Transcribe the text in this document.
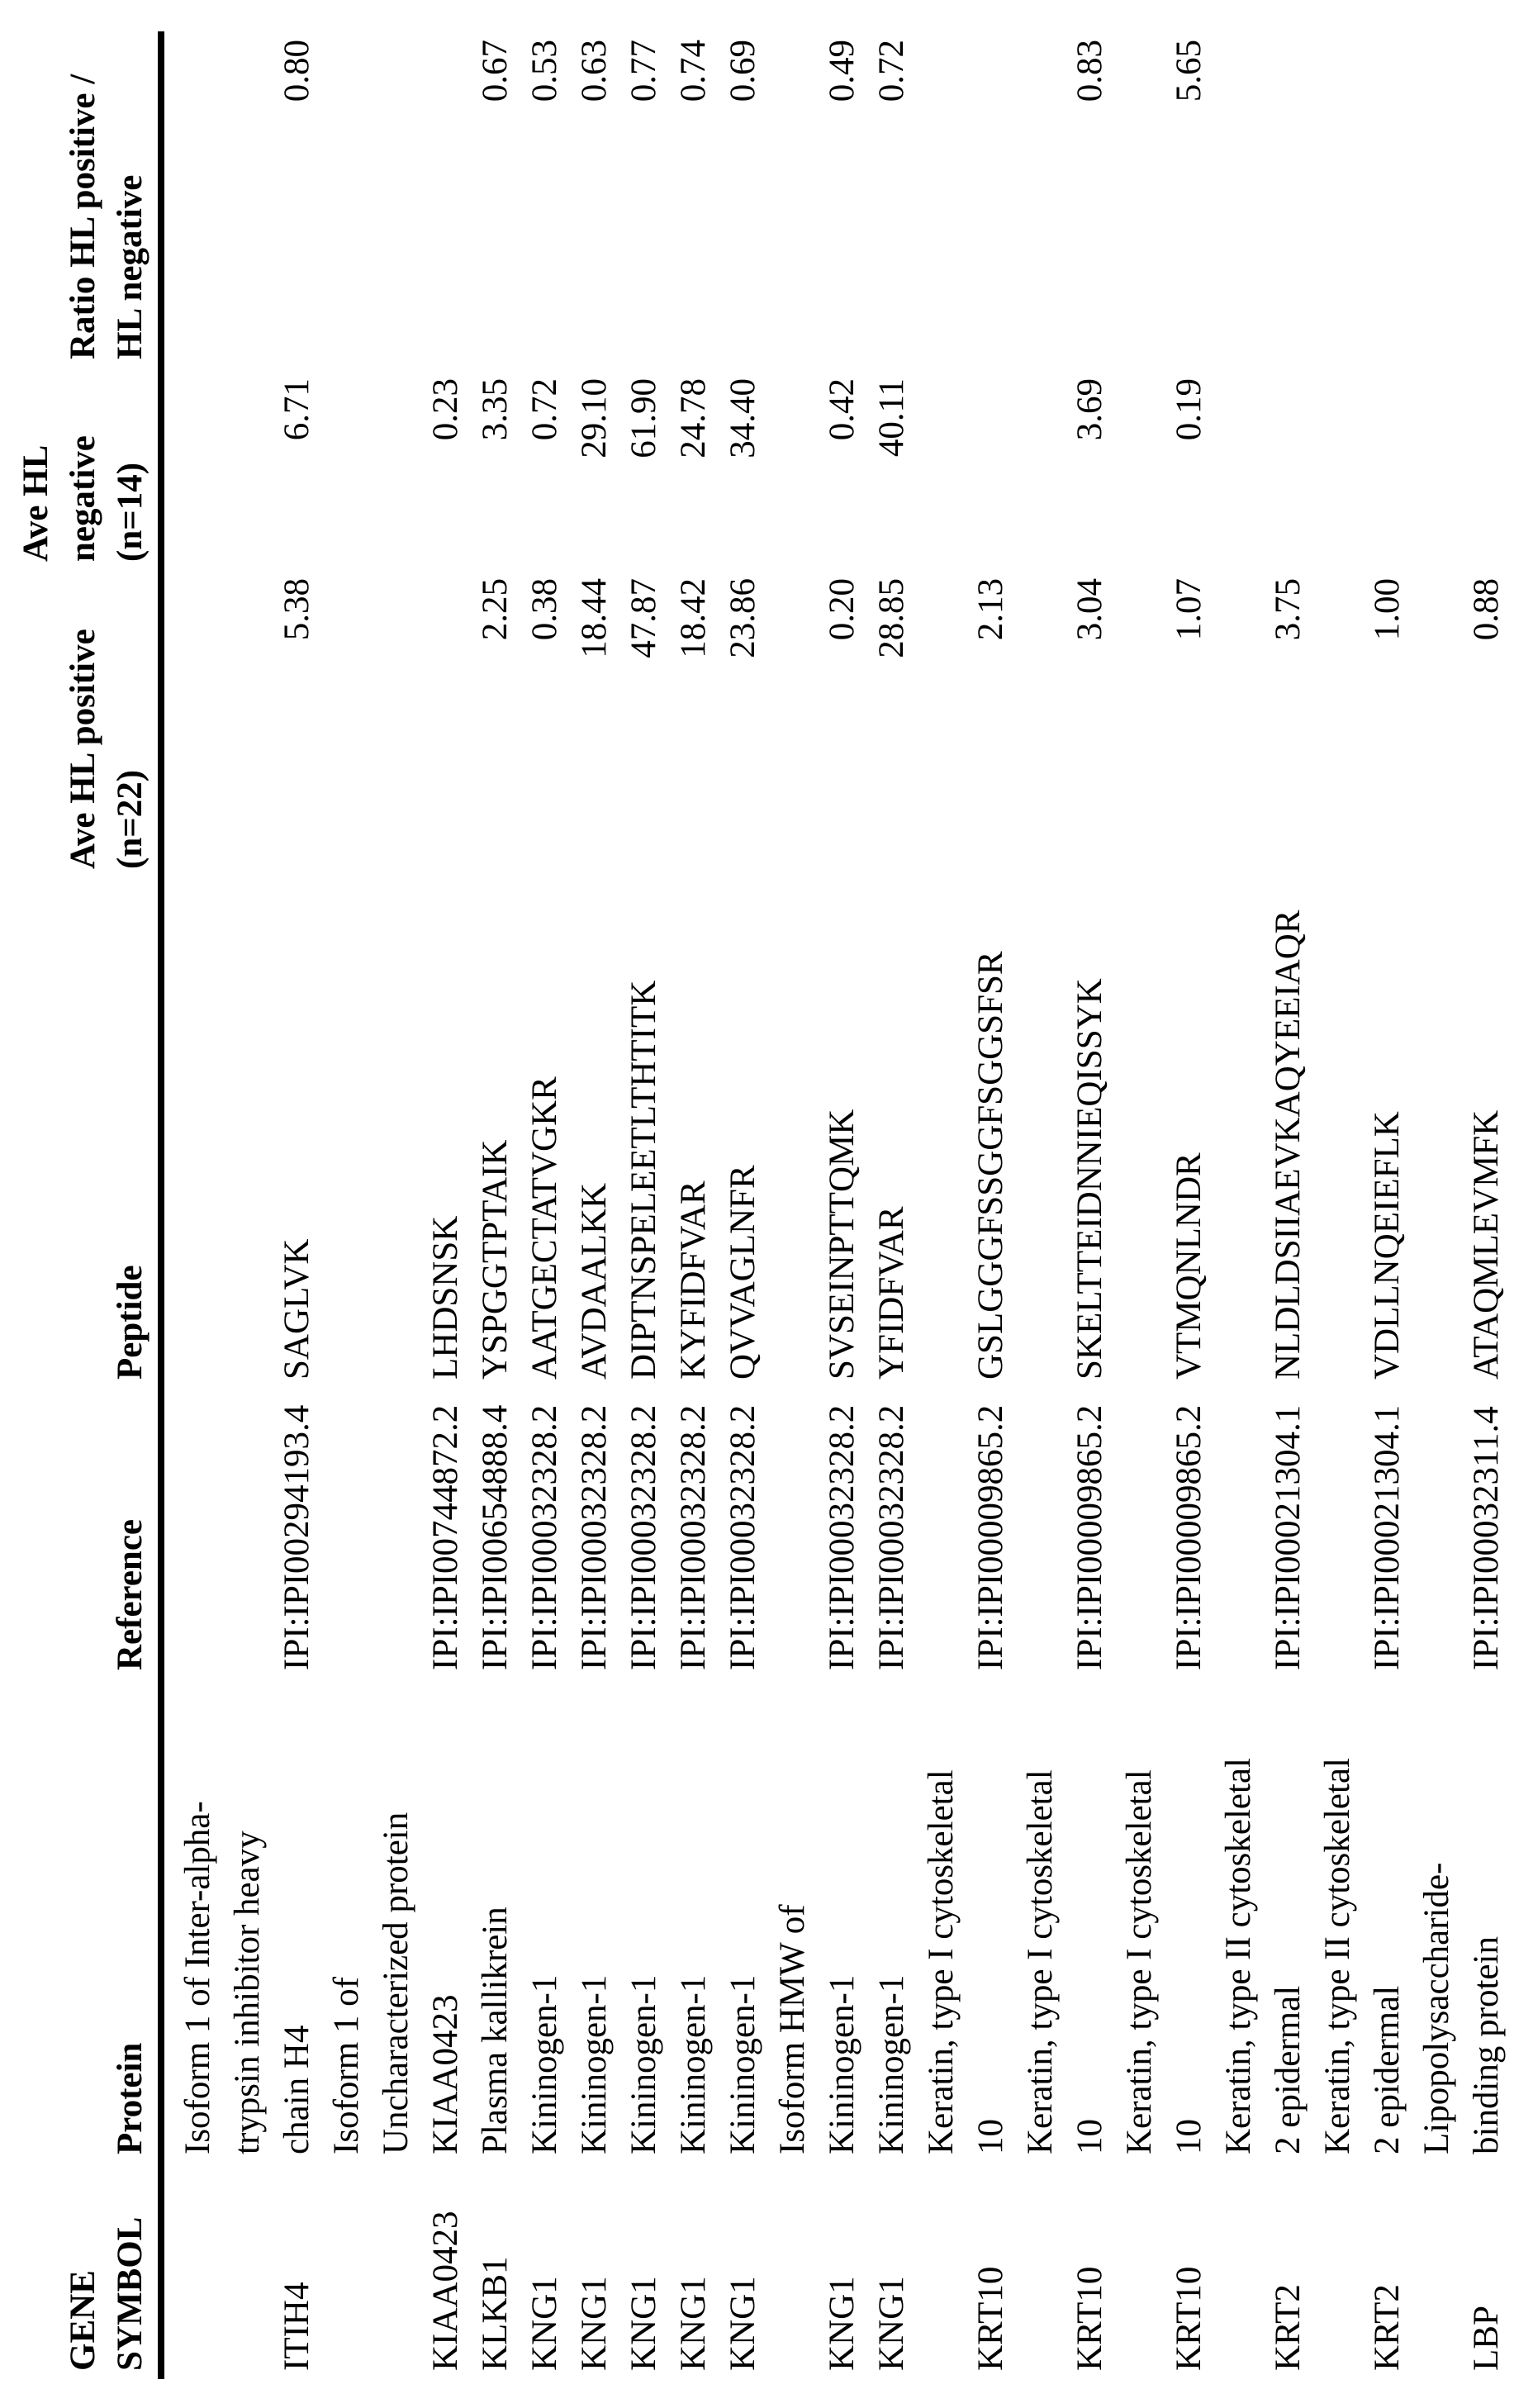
GENE SYMBOL
Protein
Reference
Peptide
Ave HL positive (n=22)
Ave HL negative (n=14)
Ratio HL positive / HL negative
ITIH4
Isoform 1 of Inter-alpha- trypsin inhibitor heavy chain H4
IPI:IPI00294193.4
SAGLVK
5.38
6.71
0.80
KIAA0423
Isoform 1 of Uncharacterized protein KIAA0423
IPI:IPI00744872.2
LHDSNSK
0.23
KLKB1
Plasma kallikrein
IPI:IPI00654888.4
YSPGGTPTAIK
2.25
3.35
0.67
KNG1
Kininogen-1
IPI:IPI00032328.2
AATGECTATVGKR
0.38
0.72
0.53
KNG1
Kininogen-1
IPI:IPI00032328.2
AVDAALKK
18.44
29.10
0.63
KNG1
Kininogen-1
IPI:IPI00032328.2
DIPTNSPELEETLTHTITK
47.87
61.90
0.77
KNG1
Kininogen-1
IPI:IPI00032328.2
KYFIDFVAR
18.42
24.78
0.74
KNG1
Kininogen-1
IPI:IPI00032328.2
QVVAGLNFR
23.86
34.40
0.69
KNG1
Isoform HMW of Kininogen-1
IPI:IPI00032328.2
SVSEINPTTQMK
0.20
0.42
0.49
KNG1
Kininogen-1
IPI:IPI00032328.2
YFIDFVAR
28.85
40.11
0.72
KRT10
Keratin, type I cytoskeletal 10
IPI:IPI00009865.2
GSLGGGFSSGGFSGGSFSR
2.13
KRT10
Keratin, type I cytoskeletal 10
IPI:IPI00009865.2
SKELTTEIDNNIEQISSYK
3.04
3.69
0.83
KRT10
Keratin, type I cytoskeletal 10
IPI:IPI00009865.2
VTMQNLNDR
1.07
0.19
5.65
KRT2
Keratin, type II cytoskeletal 2 epidermal
IPI:IPI00021304.1
NLDLDSIIAEVKAQYEEIAQR
3.75
KRT2
Keratin, type II cytoskeletal 2 epidermal
IPI:IPI00021304.1
VDLLNQEIEFLK
1.00
LBP
Lipopolysaccharide- binding protein
IPI:IPI00032311.4
ATAQMLEVMFK
0.88
